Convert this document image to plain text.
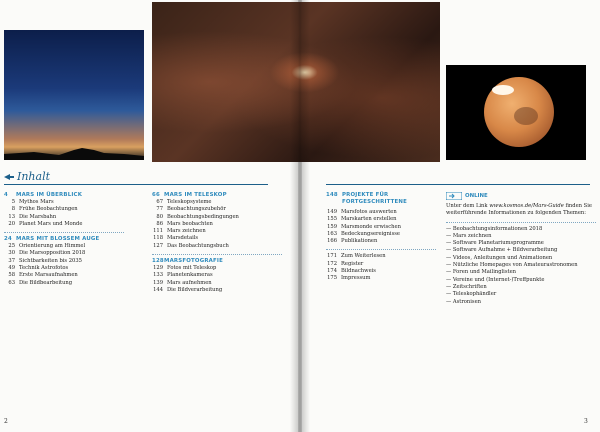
Inhalt
4	MARS IM ÜBERBLICK
5 Mythos Mars
8 Frühe Beobachtungen
13 Die Marsbahn
20 Planet Mars und Monde
24 MARS MIT BLOSSEM AUGE
25 Orientierung am Himmel
30 Die Marsopposition 2018
37 Sichtbarkeiten bis 2035
49 Technik Astrofotos
58 Erste Marsaufnahmen
63 Die Bildbearbeitung
66 MARS IM TELESKOP
67 Teleskopsysteme
77 Beobachtungszubehör
80 Beobachtungsbedingungen
86 Mars beobachten
111 Mars zeichnen
118 Marsdetails
127 Das Beobachtungsbuch
128 MARSFOTOGRAFIE
129 Fotos mit Teleskop
133 Planetenkameras
139 Mars aufnehmen
144 Die Bildverarbeitung
2
148 PROJEKTE FÜR
FORTGESCHRITTENE
149 Marsfotos auswerten
155 Marskarten erstellen
159 Marsmonde erwischen
163 Bedeckungsereignisse
166 Publikationen
171 Zum Weiterlesen
172 Register
174 Bildnachweis
175 Impressum
ONLINE
Unter dem Link www.kosmos.de/Mars-Guide finden Sie
weiterführende Informationen zu folgenden Themen:
— Beobachtungsinformationen 2018
— Mars zeichnen
— Software Planetariumsprogramme
— Software Aufnahme + Bildverarbeitung
— Videos, Anleitungen und Animationen
— Nützliche Homepages von Amateurastronomen
— Foren und Mailinglisten
— Vereine und (Internet-)Treffpunkte
— Zeitschriften
— Teleskophändler
— Astronisen
3
